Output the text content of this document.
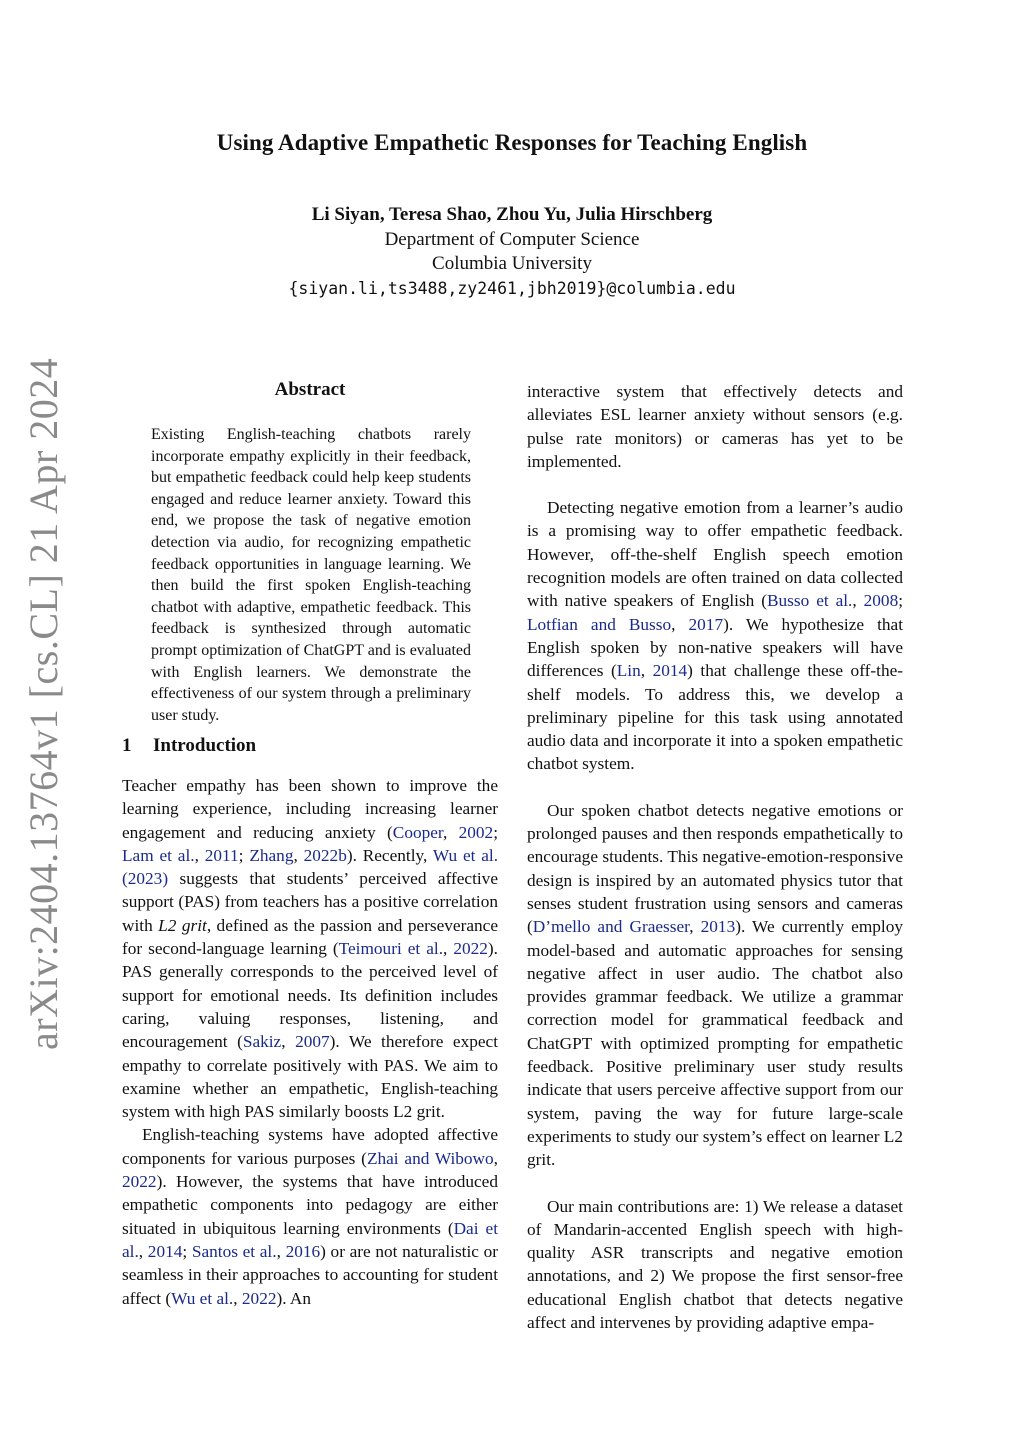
arXiv:2404.13764v1 [cs.CL] 21 Apr 2024
Using Adaptive Empathetic Responses for Teaching English
Li Siyan, Teresa Shao, Zhou Yu, Julia Hirschberg
Department of Computer Science
Columbia University
{siyan.li,ts3488,zy2461,jbh2019}@columbia.edu
Abstract
Existing English-teaching chatbots rarely incorporate empathy explicitly in their feedback, but empathetic feedback could help keep students engaged and reduce learner anxiety. Toward this end, we propose the task of negative emotion detection via audio, for recognizing empathetic feedback opportunities in language learning. We then build the first spoken English-teaching chatbot with adaptive, empathetic feedback. This feedback is synthesized through automatic prompt optimization of ChatGPT and is evaluated with English learners. We demonstrate the effectiveness of our system through a preliminary user study.
1 Introduction

Teacher empathy has been shown to improve the learning experience, including increasing learner engagement and reducing anxiety (Cooper, 2002; Lam et al., 2011; Zhang, 2022b). Recently, Wu et al. (2023) suggests that students’ perceived affective support (PAS) from teachers has a positive correlation with L2 grit, defined as the passion and perseverance for second-language learning (Teimouri et al., 2022). PAS generally corresponds to the perceived level of support for emotional needs. Its definition includes caring, valuing responses, listening, and encouragement (Sakiz, 2007). We therefore expect empathy to correlate positively with PAS. We aim to examine whether an empathetic, English-teaching system with high PAS similarly boosts L2 grit.

English-teaching systems have adopted affective components for various purposes (Zhai and Wibowo, 2022). However, the systems that have introduced empathetic components into pedagogy are either situated in ubiquitous learning environments (Dai et al., 2014; Santos et al., 2016) or are not naturalistic or seamless in their approaches to accounting for student affect (Wu et al., 2022). An

interactive system that effectively detects and alleviates ESL learner anxiety without sensors (e.g. pulse rate monitors) or cameras has yet to be implemented.

Detecting negative emotion from a learner’s audio is a promising way to offer empathetic feedback. However, off-the-shelf English speech emotion recognition models are often trained on data collected with native speakers of English (Busso et al., 2008; Lotfian and Busso, 2017). We hypothesize that English spoken by non-native speakers will have differences (Lin, 2014) that challenge these off-the-shelf models. To address this, we develop a preliminary pipeline for this task using annotated audio data and incorporate it into a spoken empathetic chatbot system.

Our spoken chatbot detects negative emotions or prolonged pauses and then responds empathetically to encourage students. This negative-emotion-responsive design is inspired by an automated physics tutor that senses student frustration using sensors and cameras (D’mello and Graesser, 2013). We currently employ model-based and automatic approaches for sensing negative affect in user audio. The chatbot also provides grammar feedback. We utilize a grammar correction model for grammatical feedback and ChatGPT with optimized prompting for empathetic feedback. Positive preliminary user study results indicate that users perceive affective support from our system, paving the way for future large-scale experiments to study our system’s effect on learner L2 grit.

Our main contributions are: 1) We release a dataset of Mandarin-accented English speech with high-quality ASR transcripts and negative emotion annotations, and 2) We propose the first sensor-free educational English chatbot that detects negative affect and intervenes by providing adaptive empa-
